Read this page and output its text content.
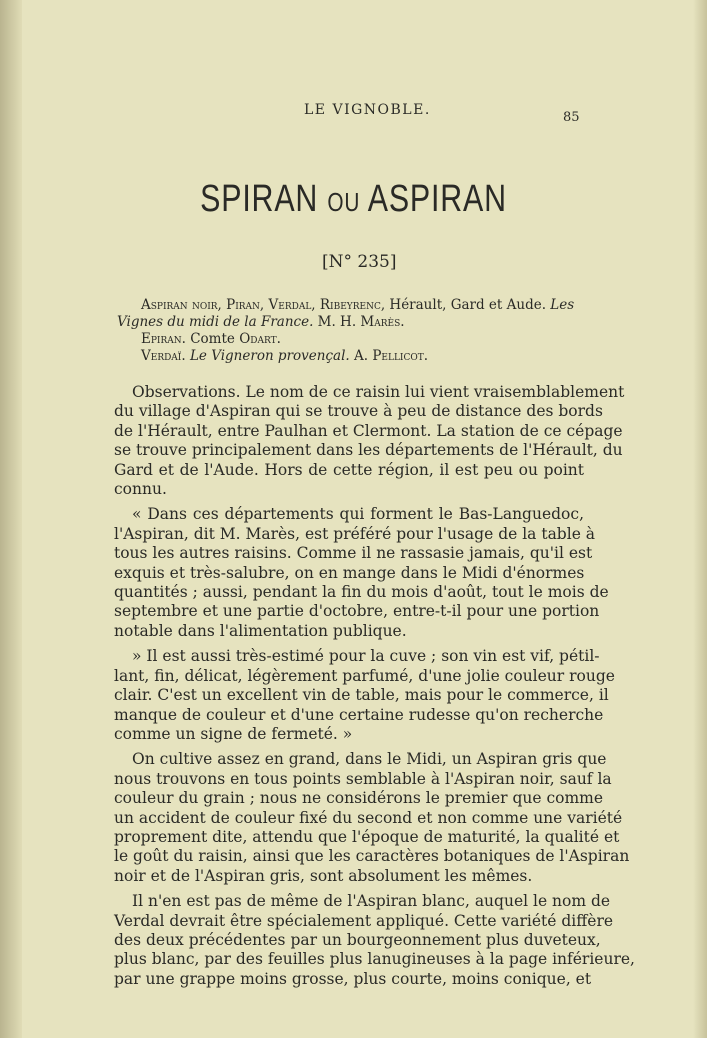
LE VIGNOBLE.	85
SPIRAN OU ASPIRAN
[N° 235]
Aspiran noir, Piran, Verdal, Ribeyrenc, Hérault, Gard et Aude. Les
Vignes du midi de la France. M. H. Marès.
Epiran. Comte Odart.
Verdaï. Le Vigneron provençal. A. Pellicot.
Observations. Le nom de ce raisin lui vient vraisemblablement
du village d'Aspiran qui se trouve à peu de distance des bords
de l'Hérault, entre Paulhan et Clermont. La station de ce cépage
se trouve principalement dans les départements de l'Hérault, du
Gard et de l'Aude. Hors de cette région, il est peu ou point
connu.
« Dans ces départements qui forment le Bas-Languedoc,
l'Aspiran, dit M. Marès, est préféré pour l'usage de la table à
tous les autres raisins. Comme il ne rassasie jamais, qu'il est
exquis et très-salubre, on en mange dans le Midi d'énormes
quantités ; aussi, pendant la fin du mois d'août, tout le mois de
septembre et une partie d'octobre, entre-t-il pour une portion
notable dans l'alimentation publique.
» Il est aussi très-estimé pour la cuve ; son vin est vif, pétil-
lant, fin, délicat, légèrement parfumé, d'une jolie couleur rouge
clair. C'est un excellent vin de table, mais pour le commerce, il
manque de couleur et d'une certaine rudesse qu'on recherche
comme un signe de fermeté. »
On cultive assez en grand, dans le Midi, un Aspiran gris que
nous trouvons en tous points semblable à l'Aspiran noir, sauf la
couleur du grain ; nous ne considérons le premier que comme
un accident de couleur fixé du second et non comme une variété
proprement dite, attendu que l'époque de maturité, la qualité et
le goût du raisin, ainsi que les caractères botaniques de l'Aspiran
noir et de l'Aspiran gris, sont absolument les mêmes.
Il n'en est pas de même de l'Aspiran blanc, auquel le nom de
Verdal devrait être spécialement appliqué. Cette variété diffère
des deux précédentes par un bourgeonnement plus duveteux,
plus blanc, par des feuilles plus lanugineuses à la page inférieure,
par une grappe moins grosse, plus courte, moins conique, et
